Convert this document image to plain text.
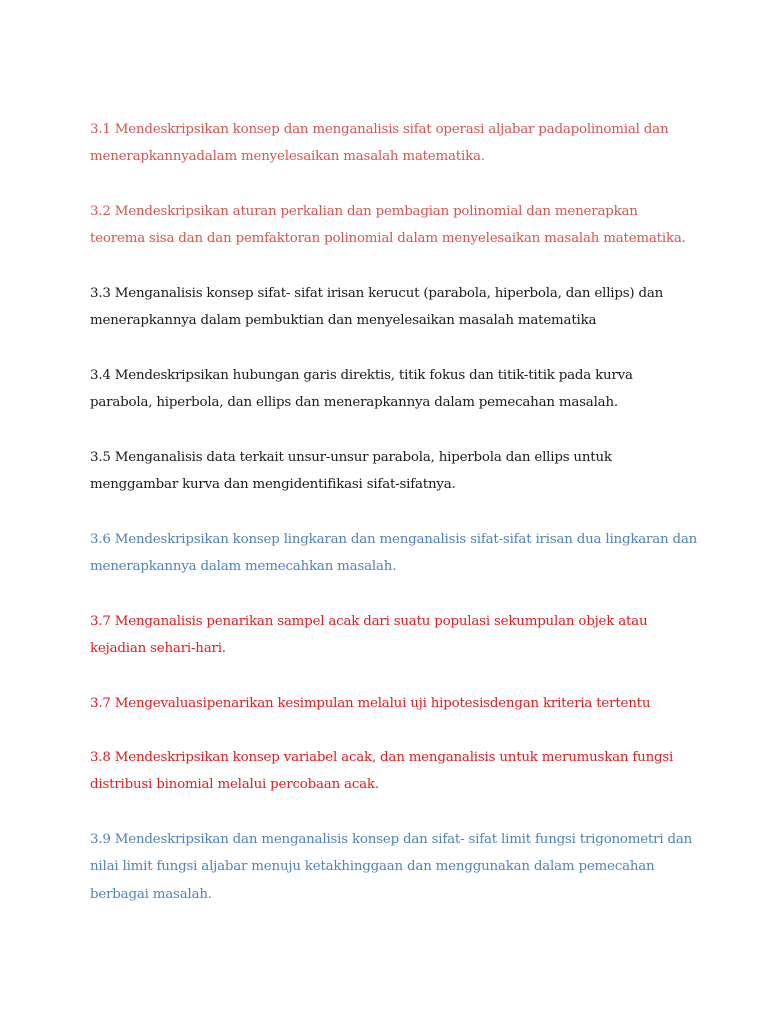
3.1 Mendeskripsikan konsep dan menganalisis sifat operasi aljabar padapolinomial dan
menerapkannyadalam menyelesaikan masalah matematika.

3.2 Mendeskripsikan aturan perkalian dan pembagian polinomial dan menerapkan
teorema sisa dan dan pemfaktoran polinomial dalam menyelesaikan masalah matematika.

3.3 Menganalisis konsep sifat- sifat irisan kerucut (parabola, hiperbola, dan ellips) dan
menerapkannya dalam pembuktian dan menyelesaikan masalah matematika

3.4 Mendeskripsikan hubungan garis direktis, titik fokus dan titik-titik pada kurva
parabola, hiperbola, dan ellips dan menerapkannya dalam pemecahan masalah.

3.5 Menganalisis data terkait unsur-unsur parabola, hiperbola dan ellips untuk
menggambar kurva dan mengidentifikasi sifat-sifatnya.

3.6 Mendeskripsikan konsep lingkaran dan menganalisis sifat-sifat irisan dua lingkaran dan
menerapkannya dalam memecahkan masalah.

3.7 Menganalisis penarikan sampel acak dari suatu populasi sekumpulan objek atau
kejadian sehari-hari.

3.7 Mengevaluasipenarikan kesimpulan melalui uji hipotesisdengan kriteria tertentu

3.8 Mendeskripsikan konsep variabel acak, dan menganalisis untuk merumuskan fungsi
distribusi binomial melalui percobaan acak.

3.9 Mendeskripsikan dan menganalisis konsep dan sifat- sifat limit fungsi trigonometri dan
nilai limit fungsi aljabar menuju ketakhinggaan dan menggunakan dalam pemecahan
berbagai masalah.
